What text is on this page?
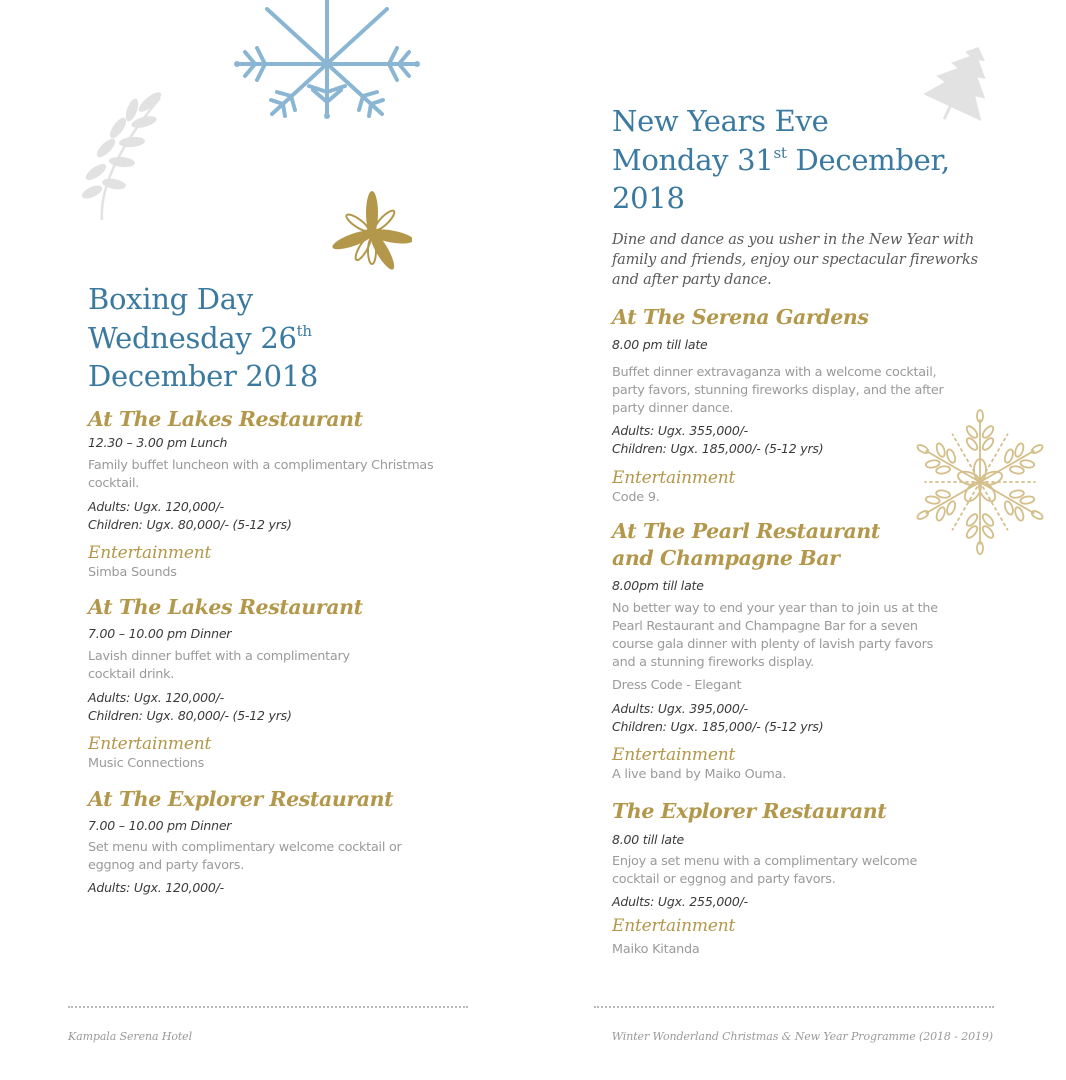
Boxing Day
Wednesday 26th
December 2018

At The Lakes Restaurant

12.30 – 3.00 pm Lunch

Family buffet luncheon with a complimentary Christmas cocktail.

Adults: Ugx. 120,000/-

Children: Ugx. 80,000/- (5-12 yrs)

Entertainment

Simba Sounds

At The Lakes Restaurant

7.00 – 10.00 pm Dinner

Lavish dinner buffet with a complimentary cocktail drink.

Adults: Ugx. 120,000/-

Children: Ugx. 80,000/- (5-12 yrs)

Entertainment

Music Connections

At The Explorer Restaurant

7.00 – 10.00 pm Dinner

Set menu with complimentary welcome cocktail or eggnog and party favors.

Adults: Ugx. 120,000/-

New Years Eve
Monday 31st December,
2018

Dine and dance as you usher in the New Year with family and friends, enjoy our spectacular fireworks and after party dance.

At The Serena Gardens

8.00 pm till late

Buffet dinner extravaganza with a welcome cocktail, party favors, stunning fireworks display, and the after party dinner dance.

Adults: Ugx. 355,000/-

Children: Ugx. 185,000/- (5-12 yrs)

Entertainment

Code 9.

At The Pearl Restaurant and Champagne Bar

8.00pm till late

No better way to end your year than to join us at the Pearl Restaurant and Champagne Bar for a seven course gala dinner with plenty of lavish party favors and a stunning fireworks display.

Dress Code - Elegant

Adults: Ugx. 395,000/-

Children: Ugx. 185,000/- (5-12 yrs)

Entertainment

A live band by Maiko Ouma.

The Explorer Restaurant

8.00 till late

Enjoy a set menu with a complimentary welcome cocktail or eggnog and party favors.

Adults: Ugx. 255,000/-

Entertainment

Maiko Kitanda

Kampala Serena Hotel	Winter Wonderland Christmas & New Year Programme (2018 - 2019)
